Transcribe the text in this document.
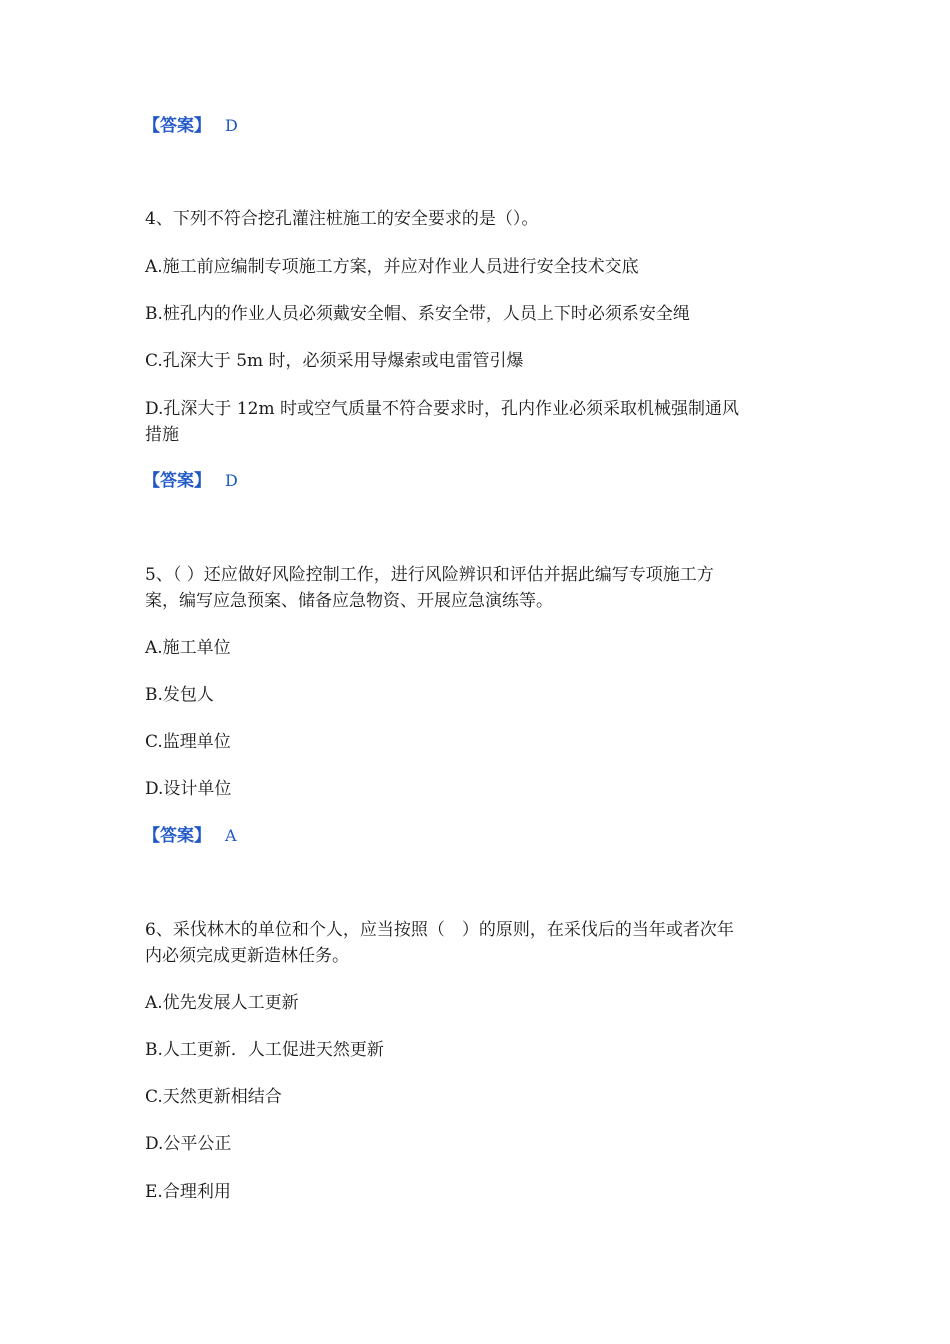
【答案】 D
4、下列不符合挖孔灌注桩施工的安全要求的是（）。
A.施工前应编制专项施工方案，并应对作业人员进行安全技术交底
B.桩孔内的作业人员必须戴安全帽、系安全带，人员上下时必须系安全绳
C.孔深大于 5m 时，必须采用导爆索或电雷管引爆
D.孔深大于 12m 时或空气质量不符合要求时，孔内作业必须采取机械强制通风
措施
【答案】 D
5、（ ）还应做好风险控制工作，进行风险辨识和评估并据此编写专项施工方
案，编写应急预案、储备应急物资、开展应急演练等。
A.施工单位
B.发包人
C.监理单位
D.设计单位
【答案】 A
6、采伐林木的单位和个人，应当按照（　）的原则，在采伐后的当年或者次年
内必须完成更新造林任务。
A.优先发展人工更新
B.人工更新．人工促进天然更新
C.天然更新相结合
D.公平公正
E.合理利用
